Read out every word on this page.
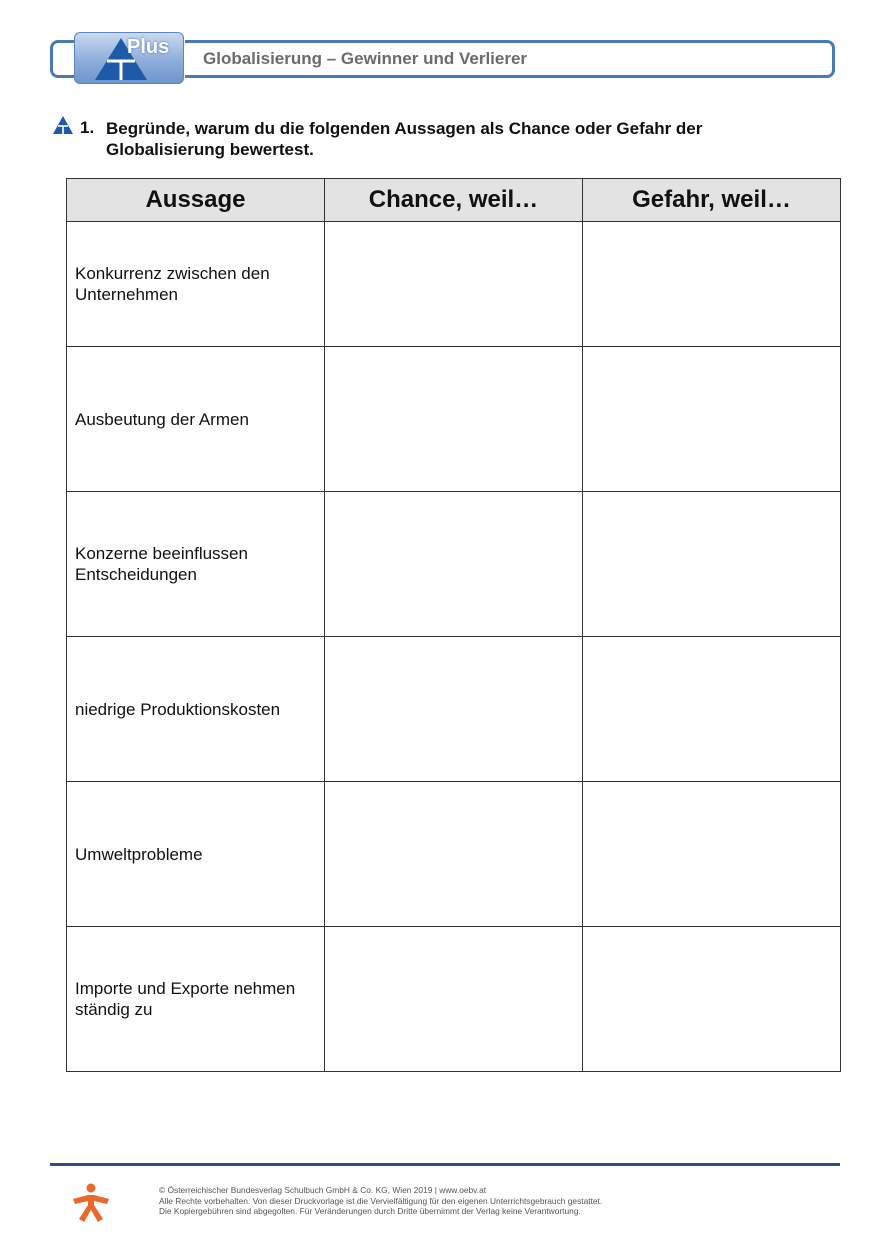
Plus
Globalisierung – Gewinner und Verlierer
1. Begründe, warum du die folgenden Aussagen als Chance oder Gefahr der Globalisierung bewertest.
Aussage	Chance, weil…	Gefahr, weil…
Konkurrenz zwischen den Unternehmen		
Ausbeutung der Armen		
Konzerne beeinflussen Entscheidungen		
niedrige Produktionskosten		
Umweltprobleme		
Importe und Exporte nehmen ständig zu		
© Österreichischer Bundesverlag Schulbuch GmbH & Co. KG, Wien 2019 | www.oebv.at
Alle Rechte vorbehalten. Von dieser Druckvorlage ist die Vervielfältigung für den eigenen Unterrichtsgebrauch gestattet.
Die Kopiergebühren sind abgegolten. Für Veränderungen durch Dritte übernimmt der Verlag keine Verantwortung.
